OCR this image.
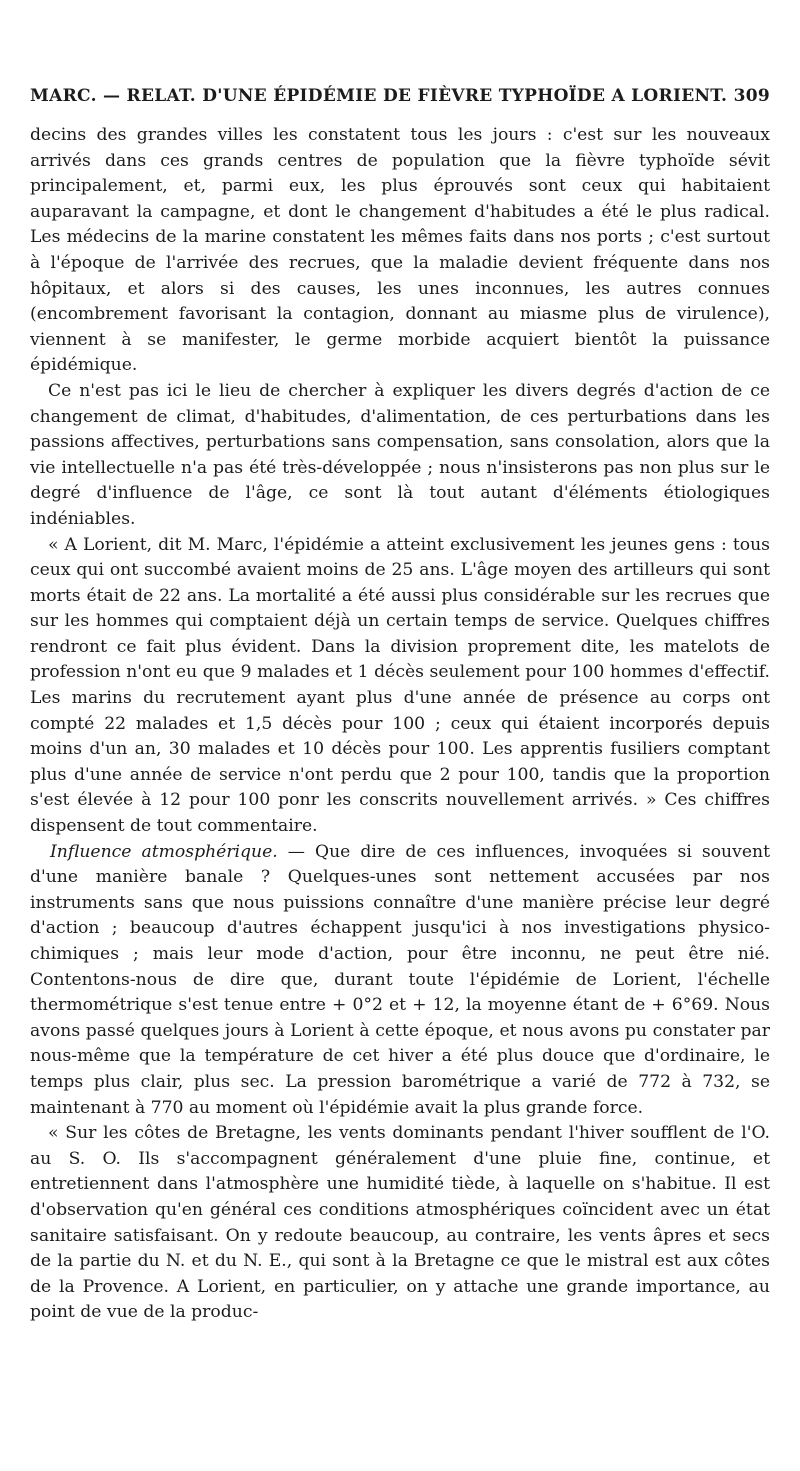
MARC. — RELAT. D'UNE ÉPIDÉMIE DE FIÈVRE TYPHOÏDE A LORIENT. 309

decins des grandes villes les constatent tous les jours : c'est sur les nouveaux arrivés dans ces grands centres de population que la fièvre typhoïde sévit principalement, et, parmi eux, les plus éprouvés sont ceux qui habitaient auparavant la campagne, et dont le changement d'habitudes a été le plus radical. Les médecins de la marine constatent les mêmes faits dans nos ports ; c'est surtout à l'époque de l'arrivée des recrues, que la maladie devient fréquente dans nos hôpitaux, et alors si des causes, les unes inconnues, les autres connues (encombrement favorisant la contagion, donnant au miasme plus de virulence), viennent à se manifester, le germe morbide acquiert bientôt la puissance épidémique.

Ce n'est pas ici le lieu de chercher à expliquer les divers degrés d'action de ce changement de climat, d'habitudes, d'alimentation, de ces perturbations dans les passions affectives, perturbations sans compensation, sans consolation, alors que la vie intellectuelle n'a pas été très-développée ; nous n'insisterons pas non plus sur le degré d'influence de l'âge, ce sont là tout autant d'éléments étiologiques indéniables.

« A Lorient, dit M. Marc, l'épidémie a atteint exclusivement les jeunes gens : tous ceux qui ont succombé avaient moins de 25 ans. L'âge moyen des artilleurs qui sont morts était de 22 ans. La mortalité a été aussi plus considérable sur les recrues que sur les hommes qui comptaient déjà un certain temps de service. Quelques chiffres rendront ce fait plus évident. Dans la division proprement dite, les matelots de profession n'ont eu que 9 malades et 1 décès seulement pour 100 hommes d'effectif. Les marins du recrutement ayant plus d'une année de présence au corps ont compté 22 malades et 1,5 décès pour 100 ; ceux qui étaient incorporés depuis moins d'un an, 30 malades et 10 décès pour 100. Les apprentis fusiliers comptant plus d'une année de service n'ont perdu que 2 pour 100, tandis que la proportion s'est élevée à 12 pour 100 ponr les conscrits nouvellement arrivés. » Ces chiffres dispensent de tout commentaire.

Influence atmosphérique. — Que dire de ces influences, invoquées si souvent d'une manière banale ? Quelques-unes sont nettement accusées par nos instruments sans que nous puissions connaître d'une manière précise leur degré d'action ; beaucoup d'autres échappent jusqu'ici à nos investigations physico-chimiques ; mais leur mode d'action, pour être inconnu, ne peut être nié. Contentons-nous de dire que, durant toute l'épidémie de Lorient, l'échelle thermométrique s'est tenue entre + 0°2 et + 12, la moyenne étant de + 6°69. Nous avons passé quelques jours à Lorient à cette époque, et nous avons pu constater par nous-même que la température de cet hiver a été plus douce que d'ordinaire, le temps plus clair, plus sec. La pression barométrique a varié de 772 à 732, se maintenant à 770 au moment où l'épidémie avait la plus grande force.

« Sur les côtes de Bretagne, les vents dominants pendant l'hiver soufflent de l'O. au S. O. Ils s'accompagnent généralement d'une pluie fine, continue, et entretiennent dans l'atmosphère une humidité tiède, à laquelle on s'habitue. Il est d'observation qu'en général ces conditions atmosphériques coïncident avec un état sanitaire satisfaisant. On y redoute beaucoup, au contraire, les vents âpres et secs de la partie du N. et du N. E., qui sont à la Bretagne ce que le mistral est aux côtes de la Provence. A Lorient, en particulier, on y attache une grande importance, au point de vue de la produc-
